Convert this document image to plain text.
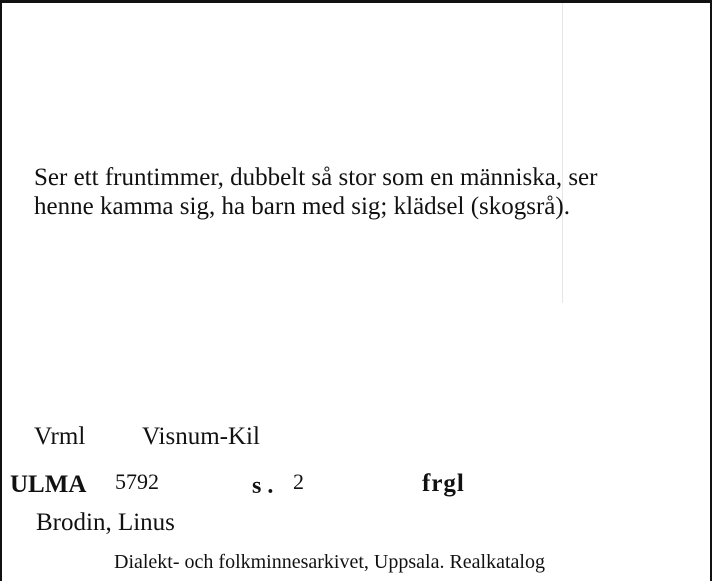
Ser ett fruntimmer, dubbelt så stor som en människa, ser
henne kamma sig, ha barn med sig; klädsel (skogsrå).

Vrml Visnum-Kil

ULMA 5792	s . 2	frgl

Brodin, Linus

Dialekt- och folkminnesarkivet, Uppsala. Realkatalog
